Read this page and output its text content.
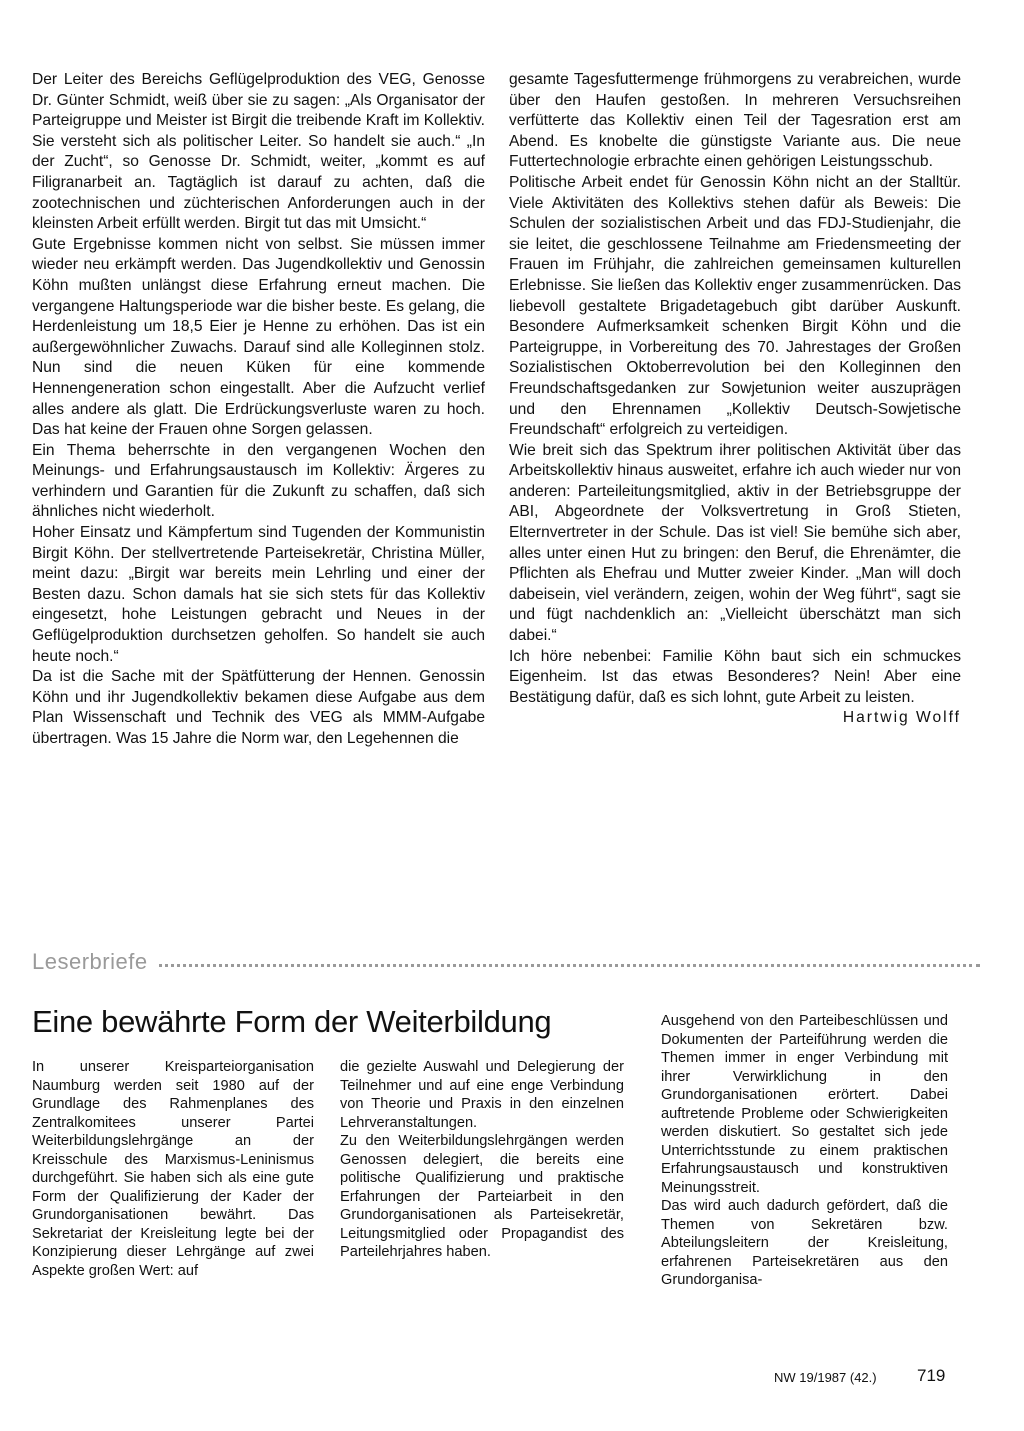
Der Leiter des Bereichs Geflügelproduktion des VEG, Genosse Dr. Günter Schmidt, weiß über sie zu sagen: „Als Organisator der Parteigruppe und Meister ist Birgit die treibende Kraft im Kollektiv. Sie versteht sich als politischer Leiter. So handelt sie auch.“ „In der Zucht“, so Genosse Dr. Schmidt, weiter, „kommt es auf Filigranarbeit an. Tagtäglich ist darauf zu achten, daß die zootechnischen und züchterischen Anforderungen auch in der kleinsten Arbeit erfüllt werden. Birgit tut das mit Umsicht.“

Gute Ergebnisse kommen nicht von selbst. Sie müssen immer wieder neu erkämpft werden. Das Jugendkollektiv und Genossin Köhn mußten unlängst diese Erfahrung erneut machen. Die vergangene Haltungsperiode war die bisher beste. Es gelang, die Herdenleistung um 18,5 Eier je Henne zu erhöhen. Das ist ein außergewöhnlicher Zuwachs. Darauf sind alle Kolleginnen stolz. Nun sind die neuen Küken für eine kommende Hennengeneration schon eingestallt. Aber die Aufzucht verlief alles andere als glatt. Die Erdrückungsverluste waren zu hoch. Das hat keine der Frauen ohne Sorgen gelassen.

Ein Thema beherrschte in den vergangenen Wochen den Meinungs- und Erfahrungsaustausch im Kollektiv: Ärgeres zu verhindern und Garantien für die Zukunft zu schaffen, daß sich ähnliches nicht wiederholt.

Hoher Einsatz und Kämpfertum sind Tugenden der Kommunistin Birgit Köhn. Der stellvertretende Parteisekretär, Christina Müller, meint dazu: „Birgit war bereits mein Lehrling und einer der Besten dazu. Schon damals hat sie sich stets für das Kollektiv eingesetzt, hohe Leistungen gebracht und Neues in der Geflügelproduktion durchsetzen geholfen. So handelt sie auch heute noch.“

Da ist die Sache mit der Spätfütterung der Hennen. Genossin Köhn und ihr Jugendkollektiv bekamen diese Aufgabe aus dem Plan Wissenschaft und Technik des VEG als MMM-Aufgabe übertragen. Was 15 Jahre die Norm war, den Legehennen die

gesamte Tagesfuttermenge frühmorgens zu verabreichen, wurde über den Haufen gestoßen. In mehreren Versuchsreihen verfütterte das Kollektiv einen Teil der Tagesration erst am Abend. Es knobelte die günstigste Variante aus. Die neue Futtertechnologie erbrachte einen gehörigen Leistungsschub.

Politische Arbeit endet für Genossin Köhn nicht an der Stalltür. Viele Aktivitäten des Kollektivs stehen dafür als Beweis: Die Schulen der sozialistischen Arbeit und das FDJ-Studienjahr, die sie leitet, die geschlossene Teilnahme am Friedensmeeting der Frauen im Frühjahr, die zahlreichen gemeinsamen kulturellen Erlebnisse. Sie ließen das Kollektiv enger zusammenrücken. Das liebevoll gestaltete Brigadetagebuch gibt darüber Auskunft. Besondere Aufmerksamkeit schenken Birgit Köhn und die Parteigruppe, in Vorbereitung des 70. Jahrestages der Großen Sozialistischen Oktoberrevolution bei den Kolleginnen den Freundschaftsgedanken zur Sowjetunion weiter auszuprägen und den Ehrennamen „Kollektiv Deutsch-Sowjetische Freundschaft“ erfolgreich zu verteidigen.

Wie breit sich das Spektrum ihrer politischen Aktivität über das Arbeitskollektiv hinaus ausweitet, erfahre ich auch wieder nur von anderen: Parteileitungsmitglied, aktiv in der Betriebsgruppe der ABI, Abgeordnete der Volksvertretung in Groß Stieten, Elternvertreter in der Schule. Das ist viel! Sie bemühe sich aber, alles unter einen Hut zu bringen: den Beruf, die Ehrenämter, die Pflichten als Ehefrau und Mutter zweier Kinder. „Man will doch dabeisein, viel verändern, zeigen, wohin der Weg führt“, sagt sie und fügt nachdenklich an: „Vielleicht überschätzt man sich dabei.“

Ich höre nebenbei: Familie Köhn baut sich ein schmuckes Eigenheim. Ist das etwas Besonderes? Nein! Aber eine Bestätigung dafür, daß es sich lohnt, gute Arbeit zu leisten.

Hartwig Wolff

Leserbriefe
Eine bewährte Form der Weiterbildung

In unserer Kreisparteiorganisation Naumburg werden seit 1980 auf der Grundlage des Rahmenplanes des Zentralkomitees unserer Partei Weiterbildungslehrgänge an der Kreisschule des Marxismus-Leninismus durchgeführt. Sie haben sich als eine gute Form der Qualifizierung der Kader der Grundorganisationen bewährt. Das Sekretariat der Kreisleitung legte bei der Konzipierung dieser Lehrgänge auf zwei Aspekte großen Wert: auf

die gezielte Auswahl und Delegierung der Teilnehmer und auf eine enge Verbindung von Theorie und Praxis in den einzelnen Lehrveranstaltungen.

Zu den Weiterbildungslehrgängen werden Genossen delegiert, die bereits eine politische Qualifizierung und praktische Erfahrungen der Parteiarbeit in den Grundorganisationen als Parteisekretär, Leitungsmitglied oder Propagandist des Parteilehrjahres haben.

Ausgehend von den Parteibeschlüssen und Dokumenten der Parteiführung werden die Themen immer in enger Verbindung mit ihrer Verwirklichung in den Grundorganisationen erörtert. Dabei auftretende Probleme oder Schwierigkeiten werden diskutiert. So gestaltet sich jede Unterrichtsstunde zu einem praktischen Erfahrungsaustausch und konstruktiven Meinungsstreit.

Das wird auch dadurch gefördert, daß die Themen von Sekretären bzw. Abteilungsleitern der Kreisleitung, erfahrenen Parteisekretären aus den Grundorganisa-

NW 19/1987 (42.) 719
